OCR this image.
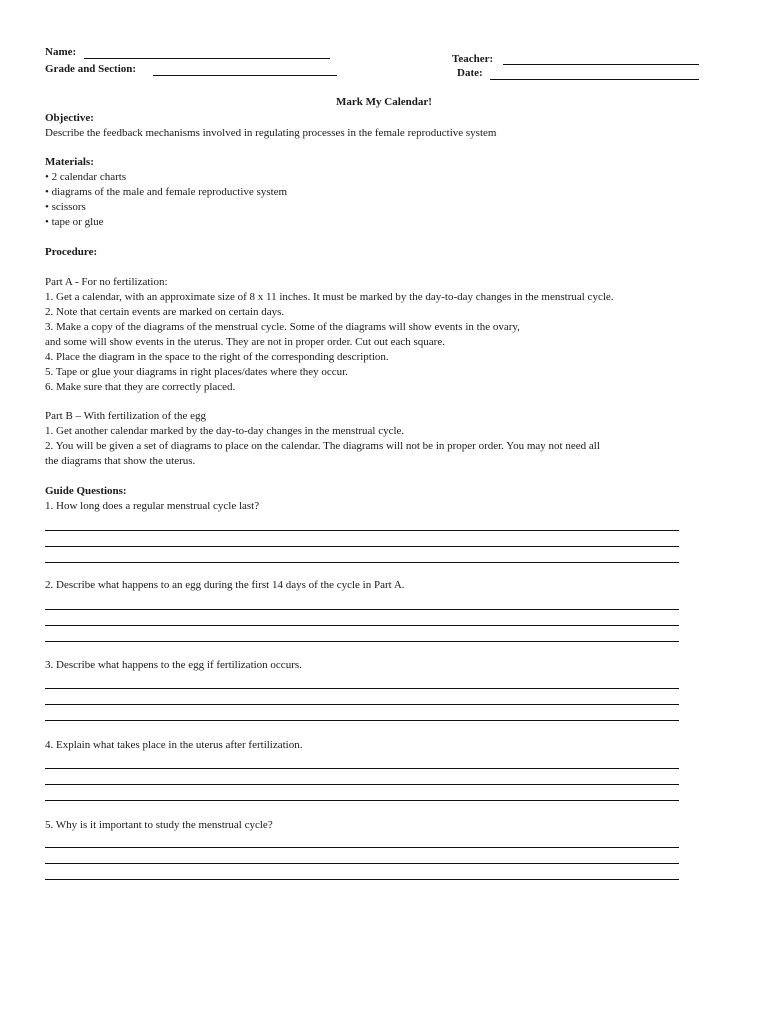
Name:
Grade and Section:
Teacher:
Date:
Mark My Calendar!
Objective:
Describe the feedback mechanisms involved in regulating processes in the female reproductive system
Materials:
• 2 calendar charts
• diagrams of the male and female reproductive system
• scissors
• tape or glue
Procedure:
Part A - For no fertilization:
1. Get a calendar, with an approximate size of 8 x 11 inches. It must be marked by the day-to-day changes in the menstrual cycle.
2. Note that certain events are marked on certain days.
3. Make a copy of the diagrams of the menstrual cycle. Some of the diagrams will show events in the ovary,
and some will show events in the uterus. They are not in proper order. Cut out each square.
4. Place the diagram in the space to the right of the corresponding description.
5. Tape or glue your diagrams in right places/dates where they occur.
6. Make sure that they are correctly placed.
Part B – With fertilization of the egg
1. Get another calendar marked by the day-to-day changes in the menstrual cycle.
2. You will be given a set of diagrams to place on the calendar. The diagrams will not be in proper order. You may not need all
the diagrams that show the uterus.
Guide Questions:
1. How long does a regular menstrual cycle last?
2. Describe what happens to an egg during the first 14 days of the cycle in Part A.
3. Describe what happens to the egg if fertilization occurs.
4. Explain what takes place in the uterus after fertilization.
5. Why is it important to study the menstrual cycle?
